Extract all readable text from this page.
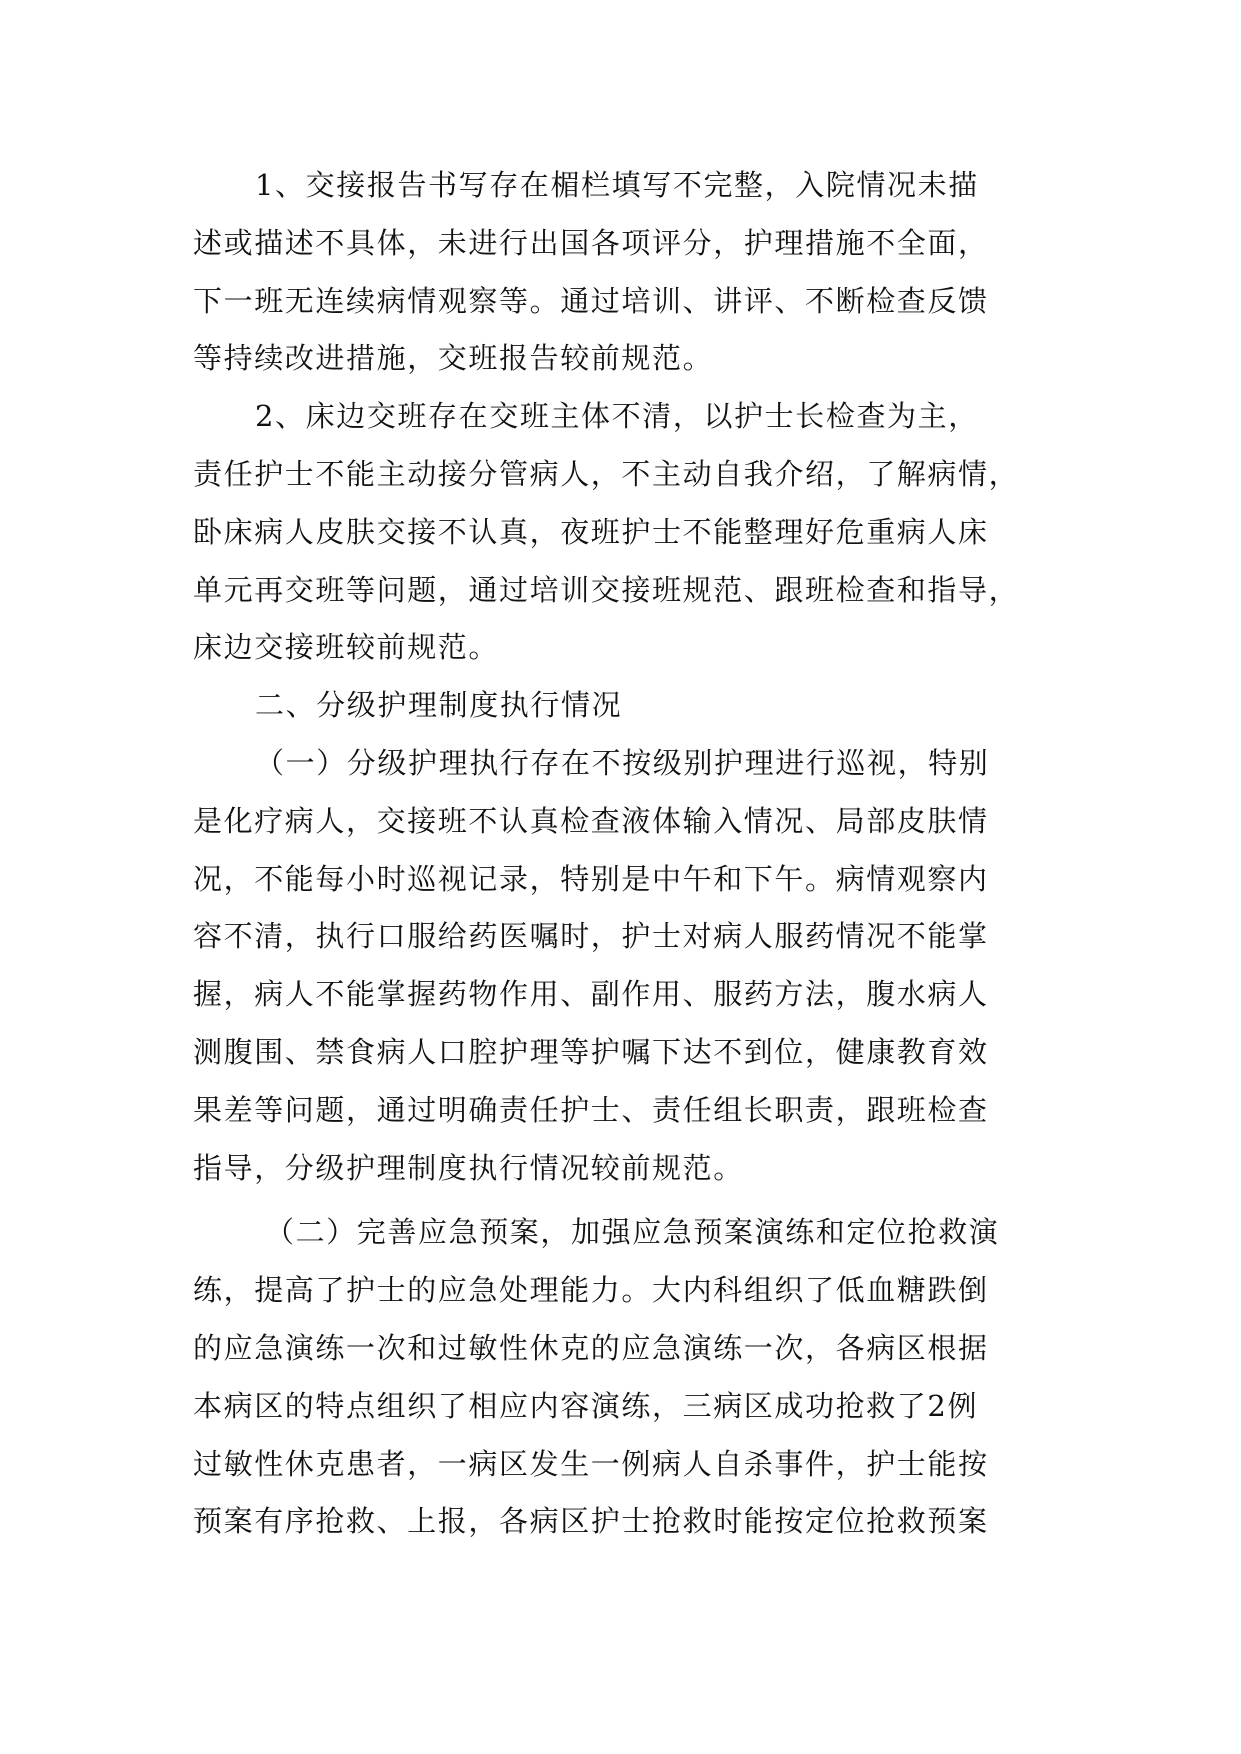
1、交接报告书写存在楣栏填写不完整，入院情况未描
述或描述不具体，未进行出国各项评分，护理措施不全面，
下一班无连续病情观察等。通过培训、讲评、不断检查反馈
等持续改进措施，交班报告较前规范。
2、床边交班存在交班主体不清，以护士长检查为主，
责任护士不能主动接分管病人，不主动自我介绍，了解病情，
卧床病人皮肤交接不认真，夜班护士不能整理好危重病人床
单元再交班等问题，通过培训交接班规范、跟班检查和指导，
床边交接班较前规范。
二、分级护理制度执行情况
（一）分级护理执行存在不按级别护理进行巡视，特别
是化疗病人，交接班不认真检查液体输入情况、局部皮肤情
况，不能每小时巡视记录，特别是中午和下午。病情观察内
容不清，执行口服给药医嘱时，护士对病人服药情况不能掌
握，病人不能掌握药物作用、副作用、服药方法，腹水病人
测腹围、禁食病人口腔护理等护嘱下达不到位，健康教育效
果差等问题，通过明确责任护士、责任组长职责，跟班检查
指导，分级护理制度执行情况较前规范。
（二）完善应急预案，加强应急预案演练和定位抢救演
练，提高了护士的应急处理能力。大内科组织了低血糖跌倒
的应急演练一次和过敏性休克的应急演练一次，各病区根据
本病区的特点组织了相应内容演练，三病区成功抢救了2例
过敏性休克患者，一病区发生一例病人自杀事件，护士能按
预案有序抢救、上报，各病区护士抢救时能按定位抢救预案
